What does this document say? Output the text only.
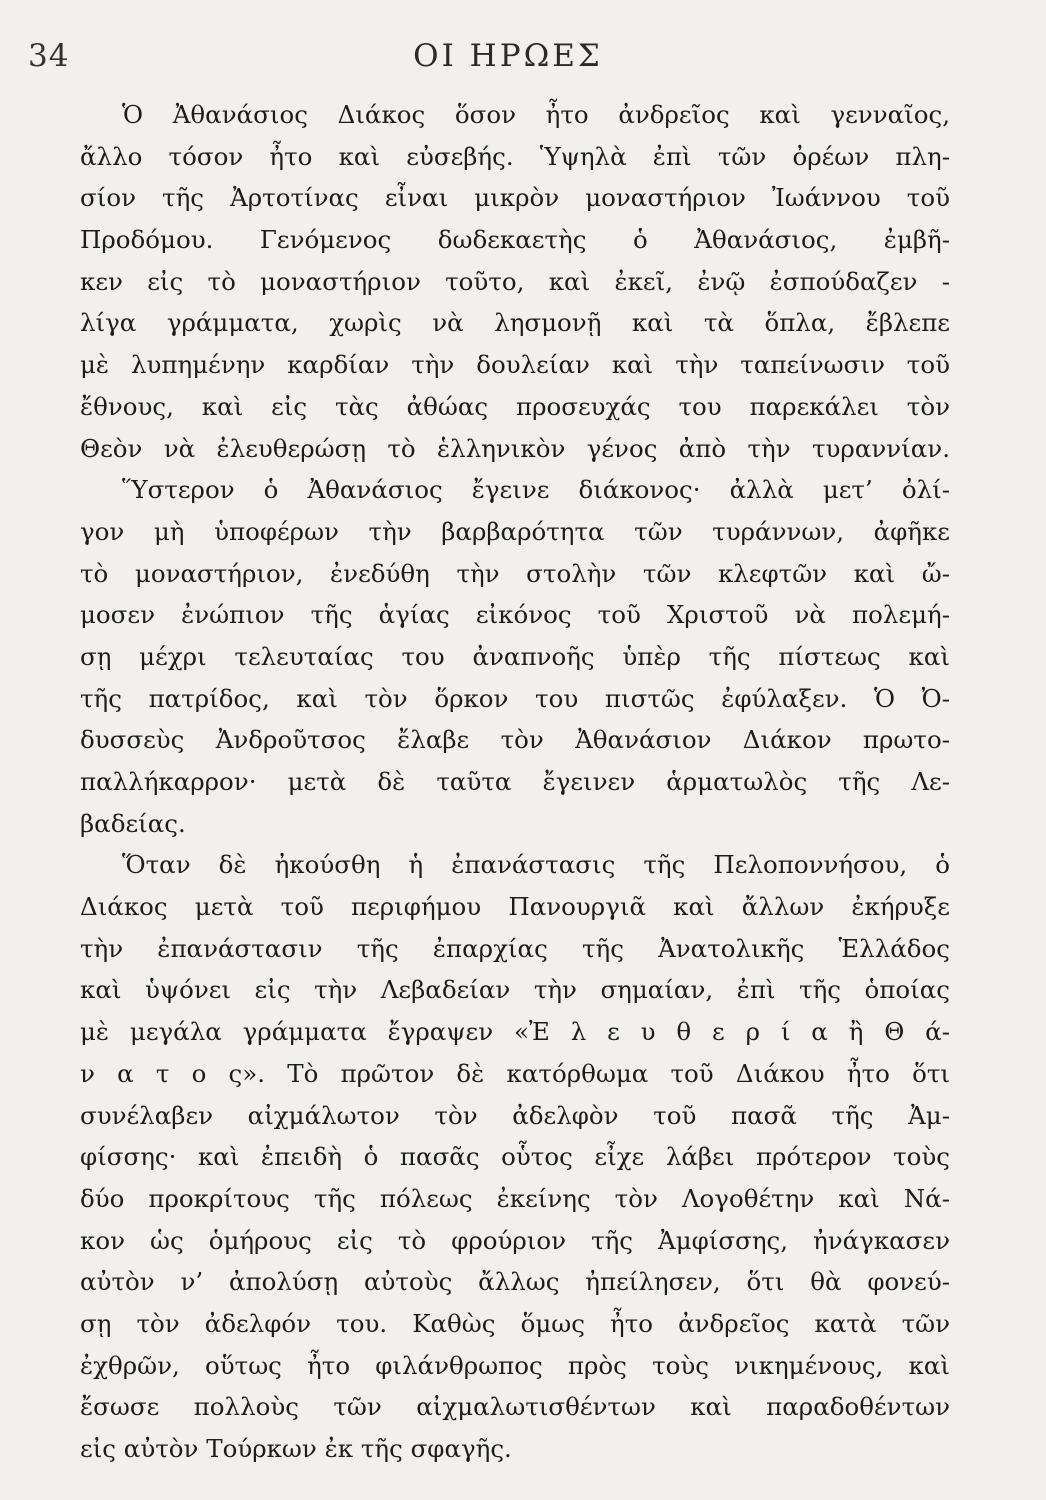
34	ΟΙ ΗΡΩΕΣ
Ὁ Ἀθανάσιος Διάκος ὅσον ἦτο ἀνδρεῖος καὶ γενναῖος,
ἄλλο τόσον ἦτο καὶ εὐσεβής. Ὑψηλὰ ἐπὶ τῶν ὀρέων πλη-
σίον τῆς Ἀρτοτίνας εἶναι μικρὸν μοναστήριον Ἰωάννου τοῦ
Προδόμου. Γενόμενος δωδεκαετὴς ὁ Ἀθανάσιος, ἐμβῆ-
κεν εἰς τὸ μοναστήριον τοῦτο, καὶ ἐκεῖ, ἐνῷ ἐσπούδαζεν -
λίγα γράμματα, χωρὶς νὰ λησμονῇ καὶ τὰ ὅπλα, ἔβλεπε
μὲ λυπημένην καρδίαν τὴν δουλείαν καὶ τὴν ταπείνωσιν τοῦ
ἔθνους, καὶ εἰς τὰς ἀθώας προσευχάς του παρεκάλει τὸν
Θεὸν νὰ ἐλευθερώσῃ τὸ ἑλληνικὸν γένος ἀπὸ τὴν τυραννίαν.
Ὕστερον ὁ Ἀθανάσιος ἔγεινε διάκονος· ἀλλὰ μετ’ ὀλί-
γον μὴ ὑποφέρων τὴν βαρβαρότητα τῶν τυράννων, ἀφῆκε
τὸ μοναστήριον, ἐνεδύθη τὴν στολὴν τῶν κλεφτῶν καὶ ὤ-
μοσεν ἐνώπιον τῆς ἁγίας εἰκόνος τοῦ Χριστοῦ νὰ πολεμή-
σῃ μέχρι τελευταίας του ἀναπνοῆς ὑπὲρ τῆς πίστεως καὶ
τῆς πατρίδος, καὶ τὸν ὅρκον του πιστῶς ἐφύλαξεν. Ὁ Ὀ-
δυσσεὺς Ἀνδροῦτσος ἔλαβε τὸν Ἀθανάσιον Διάκον πρωτο-
παλλήκαρρον· μετὰ δὲ ταῦτα ἔγεινεν ἁρματωλὸς τῆς Λε-
βαδείας.
Ὅταν δὲ ἠκούσθη ἡ ἐπανάστασις τῆς Πελοποννήσου, ὁ
Διάκος μετὰ τοῦ περιφήμου Πανουργιᾶ καὶ ἄλλων ἐκήρυξε
τὴν ἐπανάστασιν τῆς ἐπαρχίας τῆς Ἀνατολικῆς Ἑλλάδος
καὶ ὑψόνει εἰς τὴν Λεβαδείαν τὴν σημαίαν, ἐπὶ τῆς ὁποίας
μὲ μεγάλα γράμματα ἔγραψεν «Ἐ λ ε υ θ ε ρ ί α ἢ Θ ά-
ν α τ ο ς». Τὸ πρῶτον δὲ κατόρθωμα τοῦ Διάκου ἦτο ὅτι
συνέλαβεν αἰχμάλωτον τὸν ἀδελφὸν τοῦ πασᾶ τῆς Ἀμ-
φίσσης· καὶ ἐπειδὴ ὁ πασᾶς οὗτος εἶχε λάβει πρότερον τοὺς
δύο προκρίτους τῆς πόλεως ἐκείνης τὸν Λογοθέτην καὶ Νά-
κον ὡς ὁμήρους εἰς τὸ φρούριον τῆς Ἀμφίσσης, ἠνάγκασεν
αὐτὸν ν’ ἀπολύσῃ αὐτοὺς ἄλλως ἠπείλησεν, ὅτι θὰ φονεύ-
σῃ τὸν ἀδελφόν του. Καθὼς ὅμως ἦτο ἀνδρεῖος κατὰ τῶν
ἐχθρῶν, οὕτως ἦτο φιλάνθρωπος πρὸς τοὺς νικημένους, καὶ
ἔσωσε πολλοὺς τῶν αἰχμαλωτισθέντων καὶ παραδοθέντων
εἰς αὐτὸν Τούρκων ἐκ τῆς σφαγῆς.
